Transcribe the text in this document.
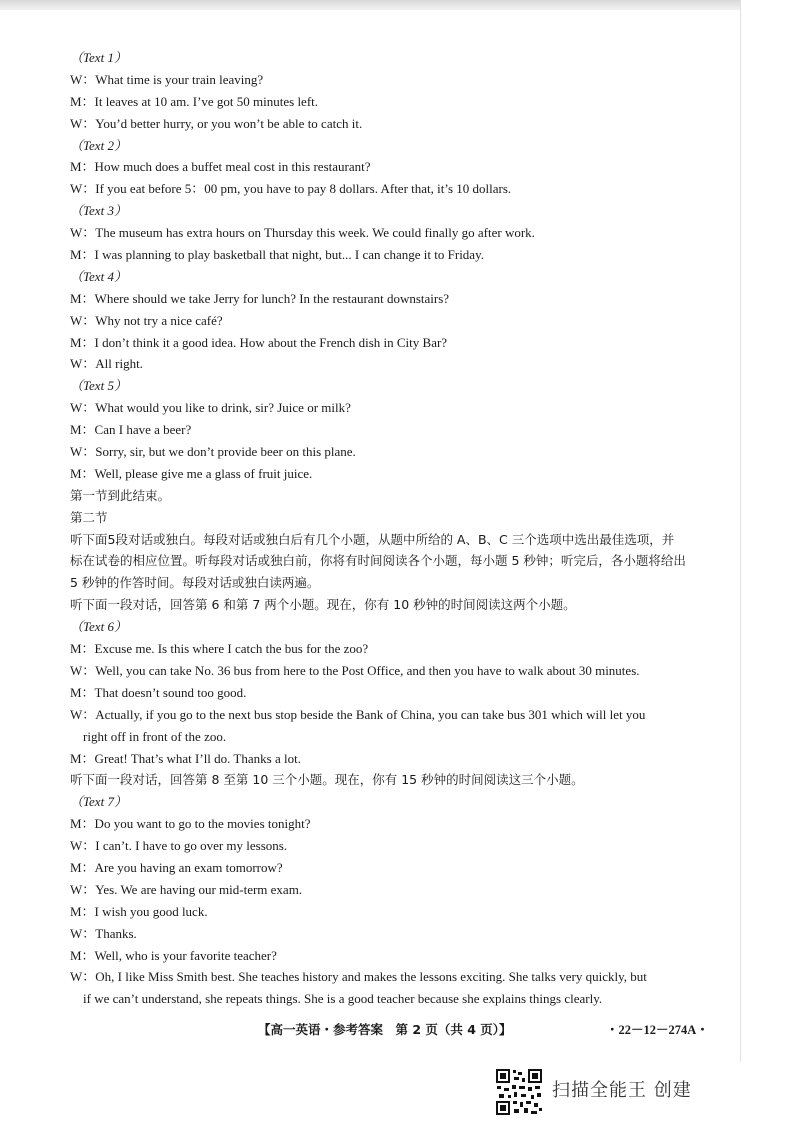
（Text 1）
W：What time is your train leaving?
M：It leaves at 10 am. I’ve got 50 minutes left.
W：You’d better hurry, or you won’t be able to catch it.
（Text 2）
M：How much does a buffet meal cost in this restaurant?
W：If you eat before 5：00 pm, you have to pay 8 dollars. After that, it’s 10 dollars.
（Text 3）
W：The museum has extra hours on Thursday this week. We could finally go after work.
M：I was planning to play basketball that night, but... I can change it to Friday.
（Text 4）
M：Where should we take Jerry for lunch? In the restaurant downstairs?
W：Why not try a nice café?
M：I don’t think it a good idea. How about the French dish in City Bar?
W：All right.
（Text 5）
W：What would you like to drink, sir? Juice or milk?
M：Can I have a beer?
W：Sorry, sir, but we don’t provide beer on this plane.
M：Well, please give me a glass of fruit juice.
第一节到此结束。
第二节
听下面5段对话或独白。每段对话或独白后有几个小题，从题中所给的 A、B、C 三个选项中选出最佳选项，并
标在试卷的相应位置。听每段对话或独白前，你将有时间阅读各个小题，每小题 5 秒钟；听完后，各小题将给出
5 秒钟的作答时间。每段对话或独白读两遍。
听下面一段对话，回答第 6 和第 7 两个小题。现在，你有 10 秒钟的时间阅读这两个小题。
（Text 6）
M：Excuse me. Is this where I catch the bus for the zoo?
W：Well, you can take No. 36 bus from here to the Post Office, and then you have to walk about 30 minutes.
M：That doesn’t sound too good.
W：Actually, if you go to the next bus stop beside the Bank of China, you can take bus 301 which will let you
right off in front of the zoo.
M：Great! That’s what I’ll do. Thanks a lot.
听下面一段对话，回答第 8 至第 10 三个小题。现在，你有 15 秒钟的时间阅读这三个小题。
（Text 7）
M：Do you want to go to the movies tonight?
W：I can’t. I have to go over my lessons.
M：Are you having an exam tomorrow?
W：Yes. We are having our mid-term exam.
M：I wish you good luck.
W：Thanks.
M：Well, who is your favorite teacher?
W：Oh, I like Miss Smith best. She teaches history and makes the lessons exciting. She talks very quickly, but
if we can’t understand, she repeats things. She is a good teacher because she explains things clearly.
【高一英语・参考答案　第 2 页（共 4 页）】	・22－12－274A・
扫描全能王 创建
